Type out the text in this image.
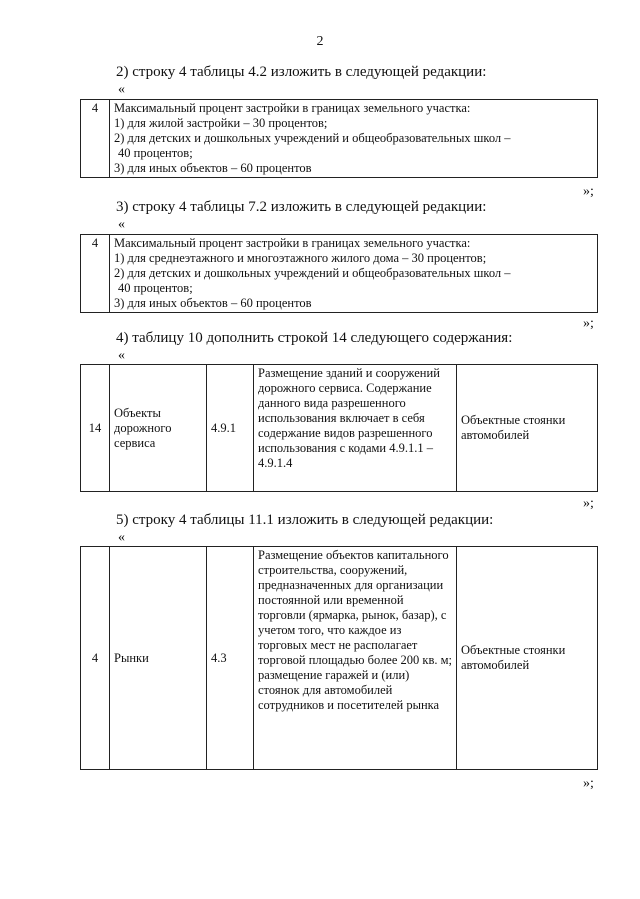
2
2) строку 4 таблицы 4.2 изложить в следующей редакции:
«
4	Максимальный процент застройки в границах земельного участка:
1) для жилой застройки – 30 процентов;
2) для детских и дошкольных учреждений и общеобразовательных школ –
40 процентов;
3) для иных объектов – 60 процентов
»;
3) строку 4 таблицы 7.2 изложить в следующей редакции:
«
4	Максимальный процент застройки в границах земельного участка:
1) для среднеэтажного и многоэтажного жилого дома – 30 процентов;
2) для детских и дошкольных учреждений и общеобразовательных школ –
40 процентов;
3) для иных объектов – 60 процентов
»;
4) таблицу 10 дополнить строкой 14 следующего содержания:
«
14	Объекты дорожного сервиса	4.9.1	Размещение зданий и сооружений дорожного сервиса. Содержание данного вида разрешенного использования включает в себя содержание видов разрешенного использования с кодами 4.9.1.1 – 4.9.1.4	Объектные стоянки автомобилей
»;
5) строку 4 таблицы 11.1 изложить в следующей редакции:
«
4	Рынки	4.3	Размещение объектов капитального строительства, сооружений, предназначенных для организации постоянной или временной торговли (ярмарка, рынок, базар), с учетом того, что каждое из торговых мест не располагает торговой площадью более 200 кв. м; размещение гаражей и (или) стоянок для автомобилей сотрудников и посетителей рынка	Объектные стоянки автомобилей
»;
